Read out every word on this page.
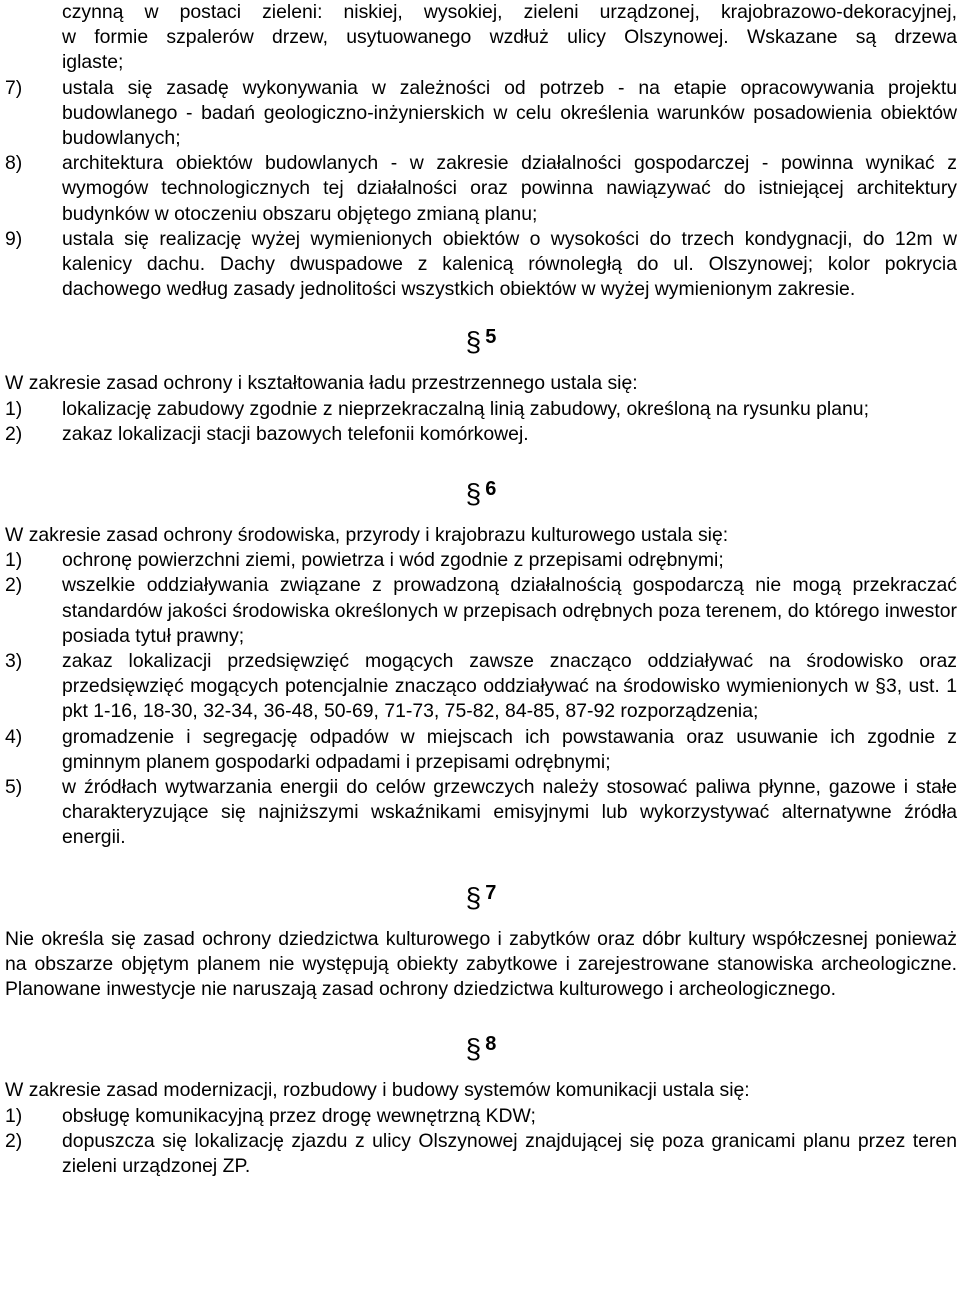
czynną w postaci zieleni: niskiej, wysokiej, zieleni urządzonej, krajobrazowo-dekoracyjnej,
w formie szpalerów drzew, usytuowanego wzdłuż ulicy Olszynowej. Wskazane są drzewa
iglaste;
7) ustala się zasadę wykonywania w zależności od potrzeb - na etapie opracowywania projektu budowlanego - badań geologiczno-inżynierskich w celu określenia warunków posadowienia obiektów budowlanych;
8) architektura obiektów budowlanych - w zakresie działalności gospodarczej - powinna wynikać z wymogów technologicznych tej działalności oraz powinna nawiązywać do istniejącej architektury budynków w otoczeniu obszaru objętego zmianą planu;
9) ustala się realizację wyżej wymienionych obiektów o wysokości do trzech kondygnacji, do 12m w kalenicy dachu. Dachy dwuspadowe z kalenicą równoległą do ul. Olszynowej; kolor pokrycia dachowego według zasady jednolitości wszystkich obiektów w wyżej wymienionym zakresie.
§ 5

W zakresie zasad ochrony i kształtowania ładu przestrzennego ustala się:

1) lokalizację zabudowy zgodnie z nieprzekraczalną linią zabudowy, określoną na rysunku planu;
2) zakaz lokalizacji stacji bazowych telefonii komórkowej.
§ 6

W zakresie zasad ochrony środowiska, przyrody i krajobrazu kulturowego ustala się:

1) ochronę powierzchni ziemi, powietrza i wód zgodnie z przepisami odrębnymi;
2) wszelkie oddziaływania związane z prowadzoną działalnością gospodarczą nie mogą przekraczać standardów jakości środowiska określonych w przepisach odrębnych poza terenem, do którego inwestor posiada tytuł prawny;
3) zakaz lokalizacji przedsięwzięć mogących zawsze znacząco oddziaływać na środowisko oraz przedsięwzięć mogących potencjalnie znacząco oddziaływać na środowisko wymienionych w §3, ust. 1 pkt 1-16, 18-30, 32-34, 36-48, 50-69, 71-73, 75-82, 84-85, 87-92 rozporządzenia;
4) gromadzenie i segregację odpadów w miejscach ich powstawania oraz usuwanie ich zgodnie z gminnym planem gospodarki odpadami i przepisami odrębnymi;
5) w źródłach wytwarzania energii do celów grzewczych należy stosować paliwa płynne, gazowe i stałe charakteryzujące się najniższymi wskaźnikami emisyjnymi lub wykorzystywać alternatywne źródła energii.
§ 7

Nie określa się zasad ochrony dziedzictwa kulturowego i zabytków oraz dóbr kultury współczesnej ponieważ na obszarze objętym planem nie występują obiekty zabytkowe i zarejestrowane stanowiska archeologiczne. Planowane inwestycje nie naruszają zasad ochrony dziedzictwa kulturowego i archeologicznego.

§ 8

W zakresie zasad modernizacji, rozbudowy i budowy systemów komunikacji ustala się:

1) obsługę komunikacyjną przez drogę wewnętrzną KDW;
2) dopuszcza się lokalizację zjazdu z ulicy Olszynowej znajdującej się poza granicami planu przez teren zieleni urządzonej ZP.
